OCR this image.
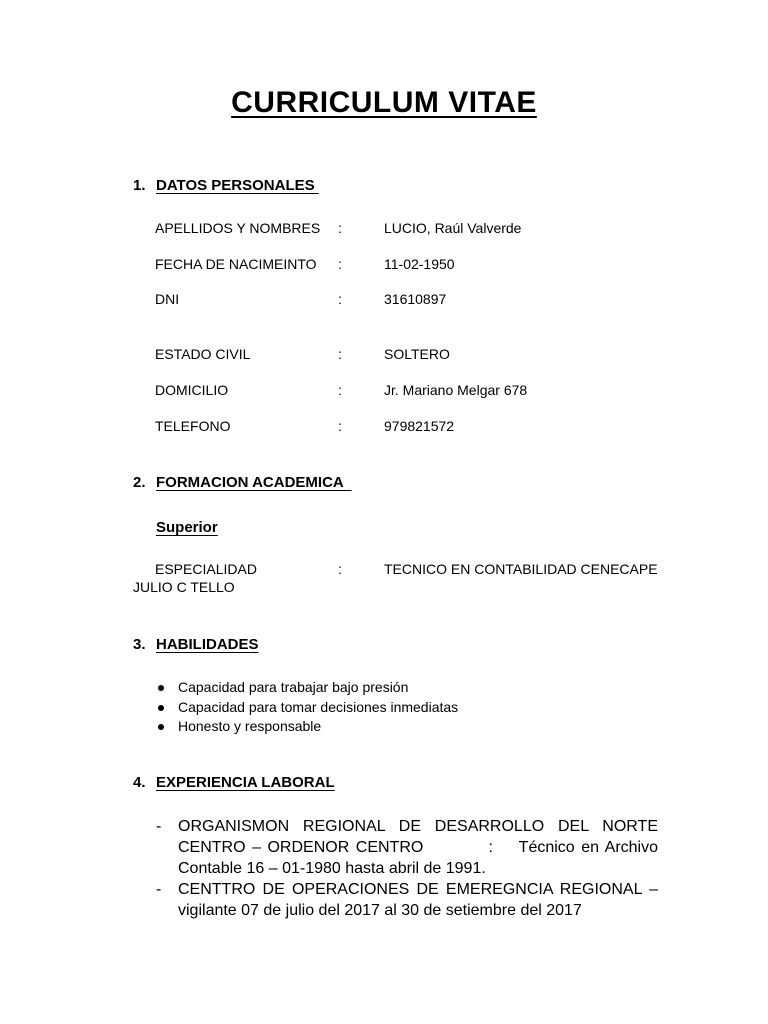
CURRICULUM VITAE
1. DATOS PERSONALES
APELLIDOS Y NOMBRES :	LUCIO, Raúl Valverde
FECHA DE NACIMEINTO :	11-02-1950
DNI	:	31610897
ESTADO CIVIL	:	SOLTERO
DOMICILIO	:	Jr. Mariano Melgar 678
TELEFONO	:	979821572
2. FORMACION ACADEMICA
Superior
ESPECIALIDAD	:	TECNICO EN CONTABILIDAD CENECAPE
JULIO C TELLO
3. HABILIDADES
Capacidad para trabajar bajo presión
Capacidad para tomar decisiones inmediatas
Honesto y responsable
4. EXPERIENCIA LABORAL
- ORGANISMON REGIONAL DE DESARROLLO DEL NORTE CENTRO – ORDENOR CENTRO          :    Técnico en Archivo Contable 16 – 01-1980 hasta abril de 1991.
- CENTTRO DE OPERACIONES DE EMEREGNCIA REGIONAL – vigilante 07 de julio del 2017 al 30 de setiembre del 2017
